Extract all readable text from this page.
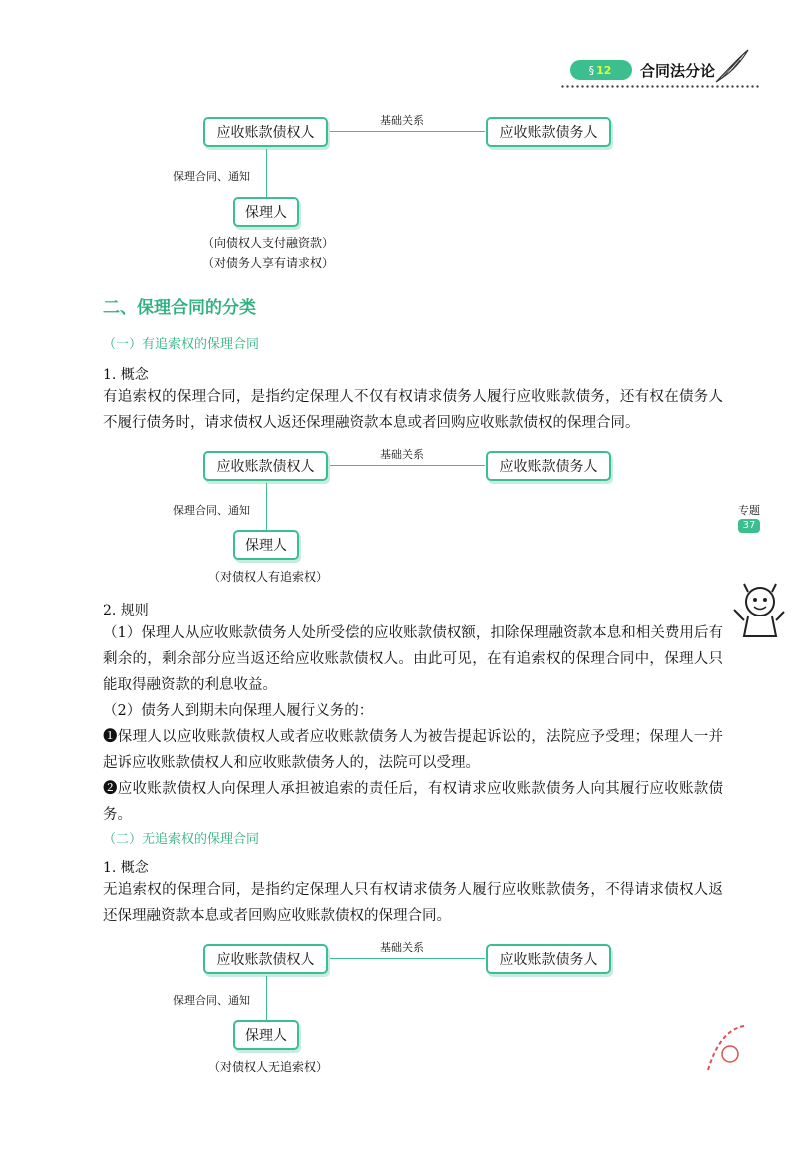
§ 12 合同法分论
应收账款债权人	应收账款债务人
基础关系
保理合同、通知
保理人
（向债权人支付融资款）
（对债务人享有请求权）
二、保理合同的分类
（一）有追索权的保理合同
1. 概念

有追索权的保理合同，是指约定保理人不仅有权请求债务人履行应收账款债务，还有权在债务人不履行债务时，请求债权人返还保理融资款本息或者回购应收账款债权的保理合同。

应收账款债权人	应收账款债务人
基础关系
保理合同、通知
保理人
（对债权人有追索权）
2. 规则

（1）保理人从应收账款债务人处所受偿的应收账款债权额，扣除保理融资款本息和相关费用后有剩余的，剩余部分应当返还给应收账款债权人。由此可见，在有追索权的保理合同中，保理人只能取得融资款的利息收益。

（2）债务人到期未向保理人履行义务的：

❶保理人以应收账款债权人或者应收账款债务人为被告提起诉讼的，法院应予受理；保理人一并起诉应收账款债权人和应收账款债务人的，法院可以受理。

❷应收账款债权人向保理人承担被追索的责任后，有权请求应收账款债务人向其履行应收账款债务。

（二）无追索权的保理合同
1. 概念

无追索权的保理合同，是指约定保理人只有权请求债务人履行应收账款债务，不得请求债权人返还保理融资款本息或者回购应收账款债权的保理合同。

应收账款债权人	应收账款债务人
基础关系
保理合同、通知
保理人
（对债权人无追索权）
专题
37
